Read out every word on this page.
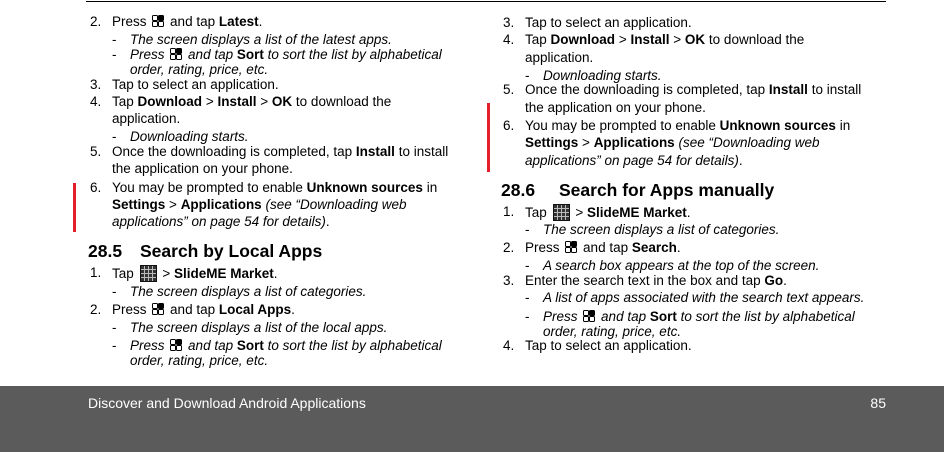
2. Press and tap Latest.
- The screen displays a list of the latest apps.
- Press and tap Sort to sort the list by alphabetical
order, rating, price, etc.
3. Tap to select an application.
4. Tap Download > Install > OK to download the
application.
- Downloading starts.
5. Once the downloading is completed, tap Install to install
the application on your phone.
6. You may be prompted to enable Unknown sources in
Settings > Applications (see “Downloading web
applications” on page 54 for details).
28.5 Search by Local Apps
1. Tap > SlideME Market.
- The screen displays a list of categories.
2. Press and tap Local Apps.
- The screen displays a list of the local apps.
- Press and tap Sort to sort the list by alphabetical
order, rating, price, etc.
3. Tap to select an application.
4. Tap Download > Install > OK to download the
application.
- Downloading starts.
5. Once the downloading is completed, tap Install to install
the application on your phone.
6. You may be prompted to enable Unknown sources in
Settings > Applications (see “Downloading web
applications” on page 54 for details).
28.6 Search for Apps manually
1. Tap > SlideME Market.
- The screen displays a list of categories.
2. Press and tap Search.
- A search box appears at the top of the screen.
3. Enter the search text in the box and tap Go.
- A list of apps associated with the search text appears.
- Press and tap Sort to sort the list by alphabetical
order, rating, price, etc.
4. Tap to select an application.
Discover and Download Android Applications	85
